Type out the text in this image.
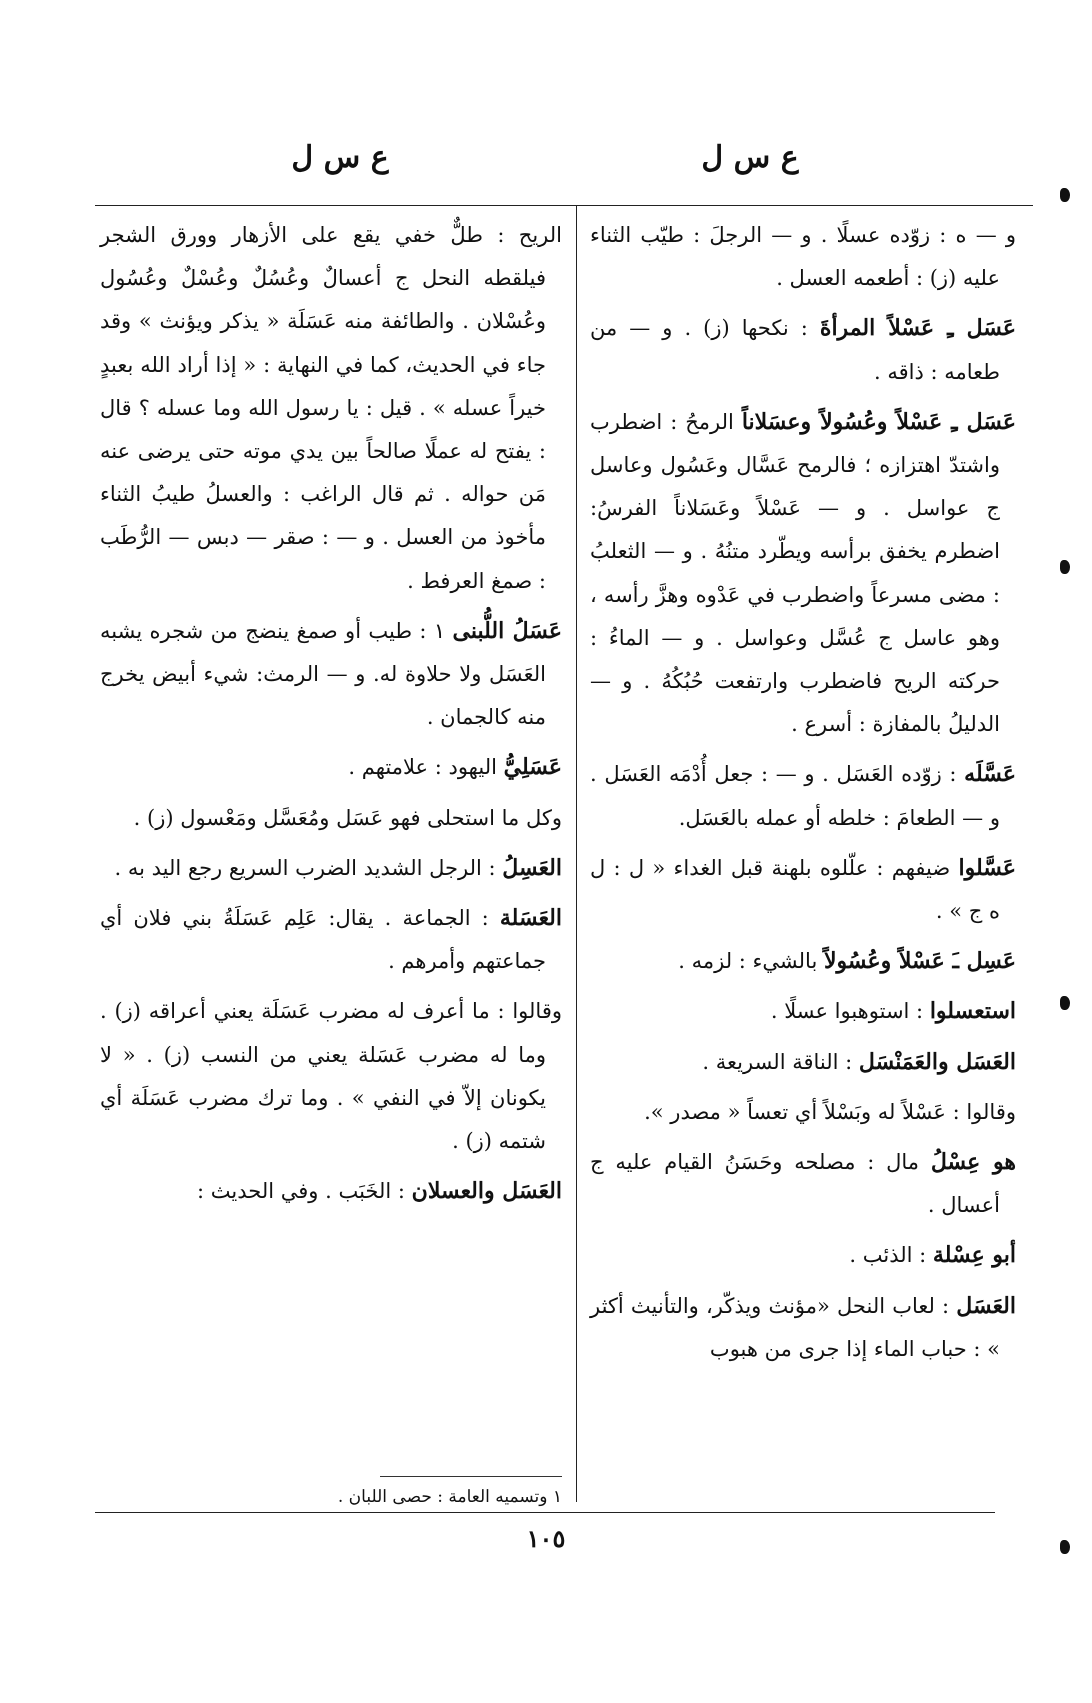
ع س ل
ع س ل

و — ه : زوّده عسلًا . و — الرجلَ : طيّب الثناء عليه (ز) : أطعمه العسل .

عَسَل ـِ عَسْلاً المرأةَ : نكحها (ز) . و — من طعامه : ذاقه .

عَسَل ـِ عَسْلاً وعُسُولاً وعسَلاناً الرمحُ : اضطرب واشتدّ اهتزازه ؛ فالرمح عَسَّال وعَسُول وعاسل ج عواسل . و — عَسْلاً وعَسَلاناً الفرسُ: اضطرم يخفق برأسه ويطّرد متنُهُ . و — الثعلبُ : مضى مسرعاً واضطرب في عَدْوه وهزَّ رأسه ، وهو عاسل ج عُسَّل وعواسل . و — الماءُ : حركته الريح فاضطرب وارتفعت حُبُكُهُ . و — الدليلُ بالمفازة : أسرع .

عَسَّلَه : زوّده العَسَل . و — : جعل أُدْمَه العَسَل . و — الطعامَ : خلطه أو عمله بالعَسَل.

عَسَّلوا ضيفهم : علّلوه بلهنة قبل الغداء « ل : ل ه ج » .

عَسِل ـَ عَسْلاً وعُسُولاً بالشيء : لزمه .

استعسلوا : استوهبوا عسلًا .

العَسَل والعَمَنْسَل : الناقة السريعة .

وقالوا : عَسْلاً له وبَسْلاً أي تعساً « مصدر ».

هو عِسْلُ مال : مصلحه وحَسَنُ القيام عليه ج أعسال .

أبو عِسْلة : الذئب .

العَسَل : لعاب النحل «مؤنث ويذكّر، والتأنيث أكثر » : حباب الماء إذا جرى من هبوب

الريح : طلٌّ خفي يقع على الأزهار وورق الشجر فيلقطه النحل ج أعسالٌ وعُسُلٌ وعُسْلٌ وعُسُول وعُسْلان . والطائفة منه عَسَلَة « يذكر ويؤنث » وقد جاء في الحديث، كما في النهاية : « إذا أراد الله بعبدٍ خيراً عسله » . قيل : يا رسول الله وما عسله ؟ قال : يفتح له عملًا صالحاً بين يدي موته حتى يرضى عنه مَن حواله . ثم قال الراغب : والعسلُ طيبُ الثناء مأخوذ من العسل . و — : صقر — دبس — الرُّطَب : صمغ العرفط .

عَسَلُ اللُّبنى ١ : طيب أو صمغ ينضج من شجره يشبه العَسَل ولا حلاوة له. و — الرمث: شيء أبيض يخرج منه كالجمان .

عَسَلِيُّ اليهود : علامتهم .

وكل ما استحلى فهو عَسَل ومُعَسَّل ومَعْسول (ز) .

العَسِلُ : الرجل الشديد الضرب السريع رجع اليد به .

العَسَلة : الجماعة . يقال: عَلِم عَسَلَةُ بني فلان أي جماعتهم وأمرهم .

وقالوا : ما أعرف له مضرب عَسَلَة يعني أعراقه (ز) . وما له مضرب عَسَلة يعني من النسب (ز) . « لا يكونان إلاّ في النفي » . وما ترك مضرب عَسَلَة أي شتمه (ز) .

العَسَل والعسلان : الخَبَب . وفي الحديث :

١ وتسميه العامة : حصى اللبان .
١٠٥
